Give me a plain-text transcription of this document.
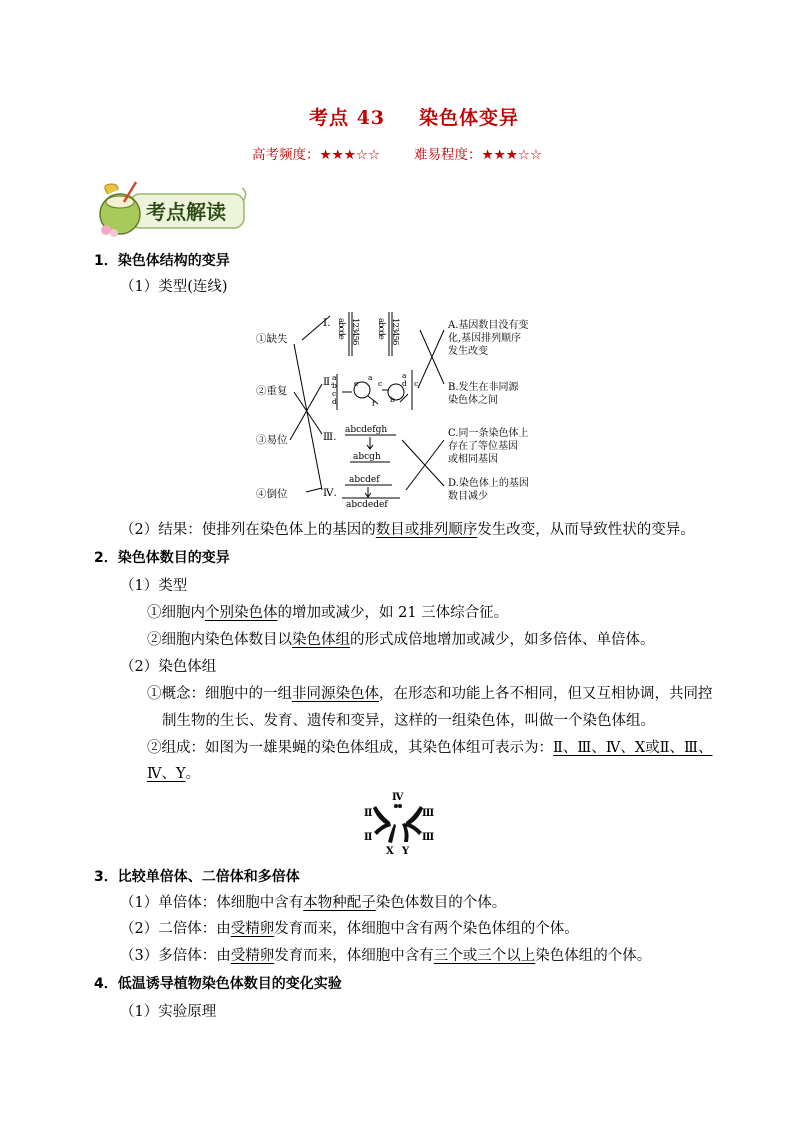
考点 43 染色体变异
高考频度：★★★☆☆	难易程度：★★★☆☆
考点解读
1．染色体结构的变异
（1）类型(连线)
①缺失
②重复
③易位
④倒位
Ⅰ.
Ⅱ.
Ⅲ.
Ⅳ.
abcde 123456 abcde 123456
a
b
c
d
a	a
d c
e	c
f b
abcdefgh
abcgh
abcdef
abcdedef
A.基因数目没有变
化,基因排列顺序
发生改变
B.发生在非同源
染色体之间
C.同一条染色体上
存在了等位基因
或相同基因
D.染色体上的基因
数目减少
（2）结果：使排列在染色体上的基因的数目或排列顺序发生改变，从而导致性状的变异。
2．染色体数目的变异
（1）类型
①细胞内个别染色体的增加或减少，如 21 三体综合征。
②细胞内染色体数目以染色体组的形式成倍地增加或减少，如多倍体、单倍体。
（2）染色体组
①概念：细胞中的一组非同源染色体，在形态和功能上各不相同，但又互相协调，共同控
制生物的生长、发育、遗传和变异，这样的一组染色体，叫做一个染色体组。
②组成：如图为一雄果蝇的染色体组成，其染色体组可表示为：Ⅱ、Ⅲ、Ⅳ、X或Ⅱ、Ⅲ、
Ⅳ、Y。
Ⅳ
Ⅱ	Ⅲ
Ⅱ	Ⅲ
X Y
3．比较单倍体、二倍体和多倍体
（1）单倍体：体细胞中含有本物种配子染色体数目的个体。
（2）二倍体：由受精卵发育而来，体细胞中含有两个染色体组的个体。
（3）多倍体：由受精卵发育而来，体细胞中含有三个或三个以上染色体组的个体。
4．低温诱导植物染色体数目的变化实验
（1）实验原理
